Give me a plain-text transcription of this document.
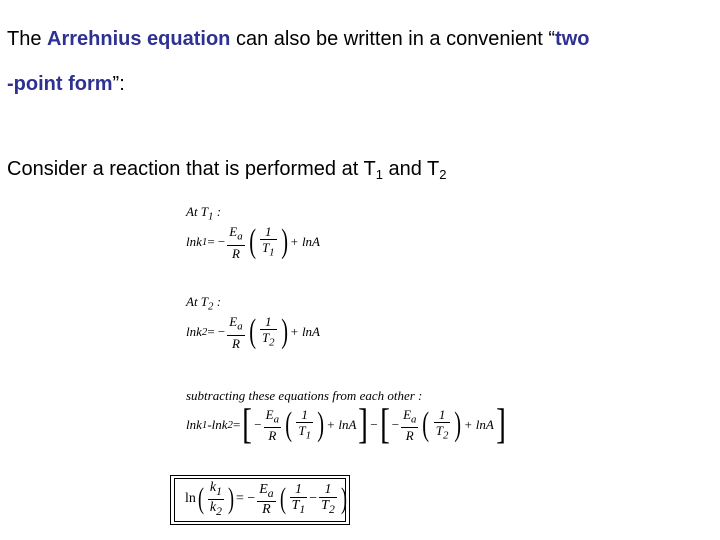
The Arrehnius equation can also be written in a convenient “two
-point form”:
Consider a reaction that is performed at $T_1$ and $T_2$
At $T_1$ :
lnk 1 = − $\frac{E_a}{R}$ ( $\frac{1}{T_1}$ ) + lnA
At $T_2$ :
lnk 2 = − $\frac{E_a}{R}$ ( $\frac{1}{T_2}$ ) + lnA
subtracting these equations from each other :
lnk 1 -lnk 2 = [ − $\frac{E_a}{R}$ ( $\frac{1}{T_1}$ ) + lnA ] − [ − $\frac{E_a}{R}$ ( $\frac{1}{T_2}$ ) + lnA ]
ln ( $\frac{k_1}{k_2}$ ) = − $\frac{E_a}{R}$ ( $\frac{1}{T_1} - \frac{1}{T_2}$ )
